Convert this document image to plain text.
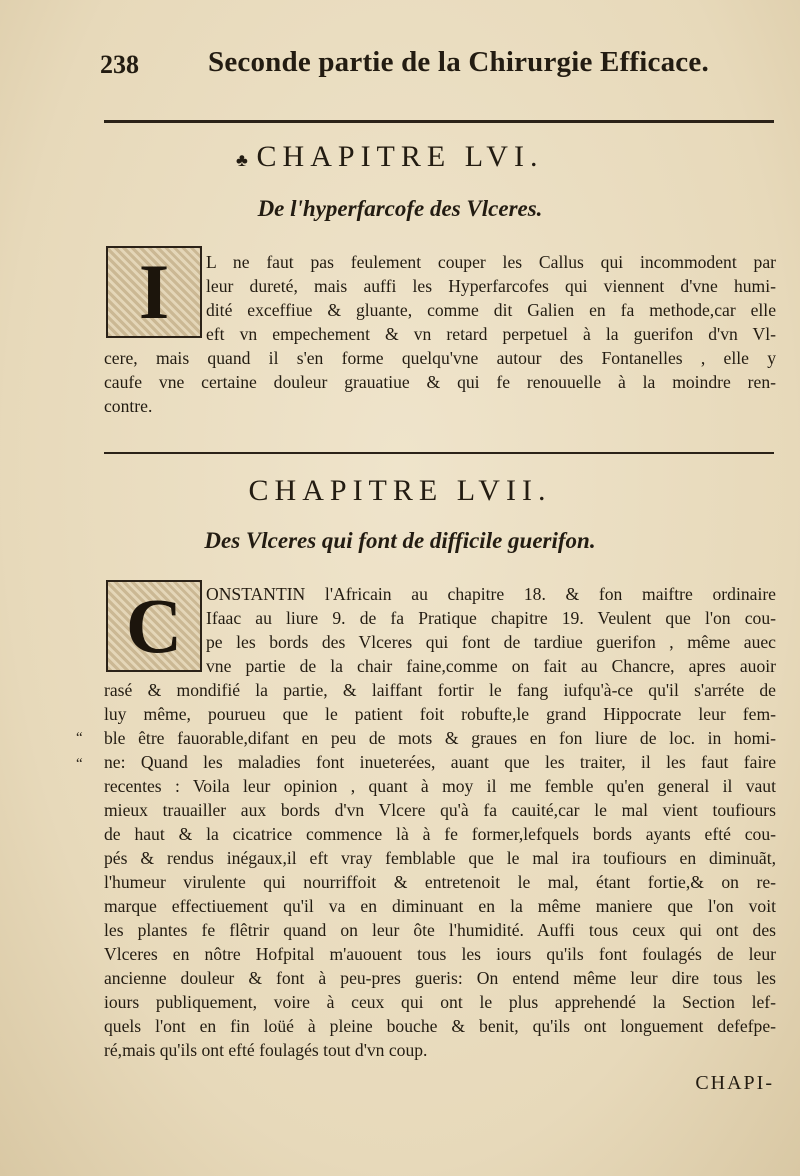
238 Seconde partie de la Chirurgie Efficace.
♣ CHAPITRE LVI.
De l'hyperfarcofe des Vlceres.
I L ne faut pas feulement couper les Callus qui incommodent par
leur dureté, mais auffi les Hyperfarcofes qui viennent d'vne humi-
dité exceffiue & gluante, comme dit Galien en fa methode,car elle
eft vn empechement & vn retard perpetuel à la guerifon d'vn Vl-
cere, mais quand il s'en forme quelqu'vne autour des Fontanelles , elle y
caufe vne certaine douleur grauatiue & qui fe renouuelle à la moindre ren-
contre.
CHAPITRE LVII.
Des Vlceres qui font de difficile guerifon.
C
“
“
ONSTANTIN l'Africain au chapitre 18. & fon maiftre ordinaire
Ifaac au liure 9. de fa Pratique chapitre 19. Veulent que l'on cou-
pe les bords des Vlceres qui font de tardiue guerifon , même auec
vne partie de la chair faine,comme on fait au Chancre, apres auoir
rasé & mondifié la partie, & laiffant fortir le fang iufqu'à-ce qu'il s'arréte de
luy même, pourueu que le patient foit robufte,le grand Hippocrate leur fem-
ble être fauorable,difant en peu de mots & graues en fon liure de loc. in homi-
ne: Quand les maladies font inueterées, auant que les traiter, il les faut faire
recentes : Voila leur opinion , quant à moy il me femble qu'en general il vaut
mieux trauailler aux bords d'vn Vlcere qu'à fa cauité,car le mal vient toufiours
de haut & la cicatrice commence là à fe former,lefquels bords ayants efté cou-
pés & rendus inégaux,il eft vray femblable que le mal ira toufiours en diminuãt,
l'humeur virulente qui nourriffoit & entretenoit le mal, étant fortie,& on re-
marque effectiuement qu'il va en diminuant en la même maniere que l'on voit
les plantes fe flêtrir quand on leur ôte l'humidité. Auffi tous ceux qui ont des
Vlceres en nôtre Hofpital m'auouent tous les iours qu'ils font foulagés de leur
ancienne douleur & font à peu-pres gueris: On entend même leur dire tous les
iours publiquement, voire à ceux qui ont le plus apprehendé la Section lef-
quels l'ont en fin loüé à pleine bouche & benit, qu'ils ont longuement defefpe-
ré,mais qu'ils ont efté foulagés tout d'vn coup.
CHAPI-
